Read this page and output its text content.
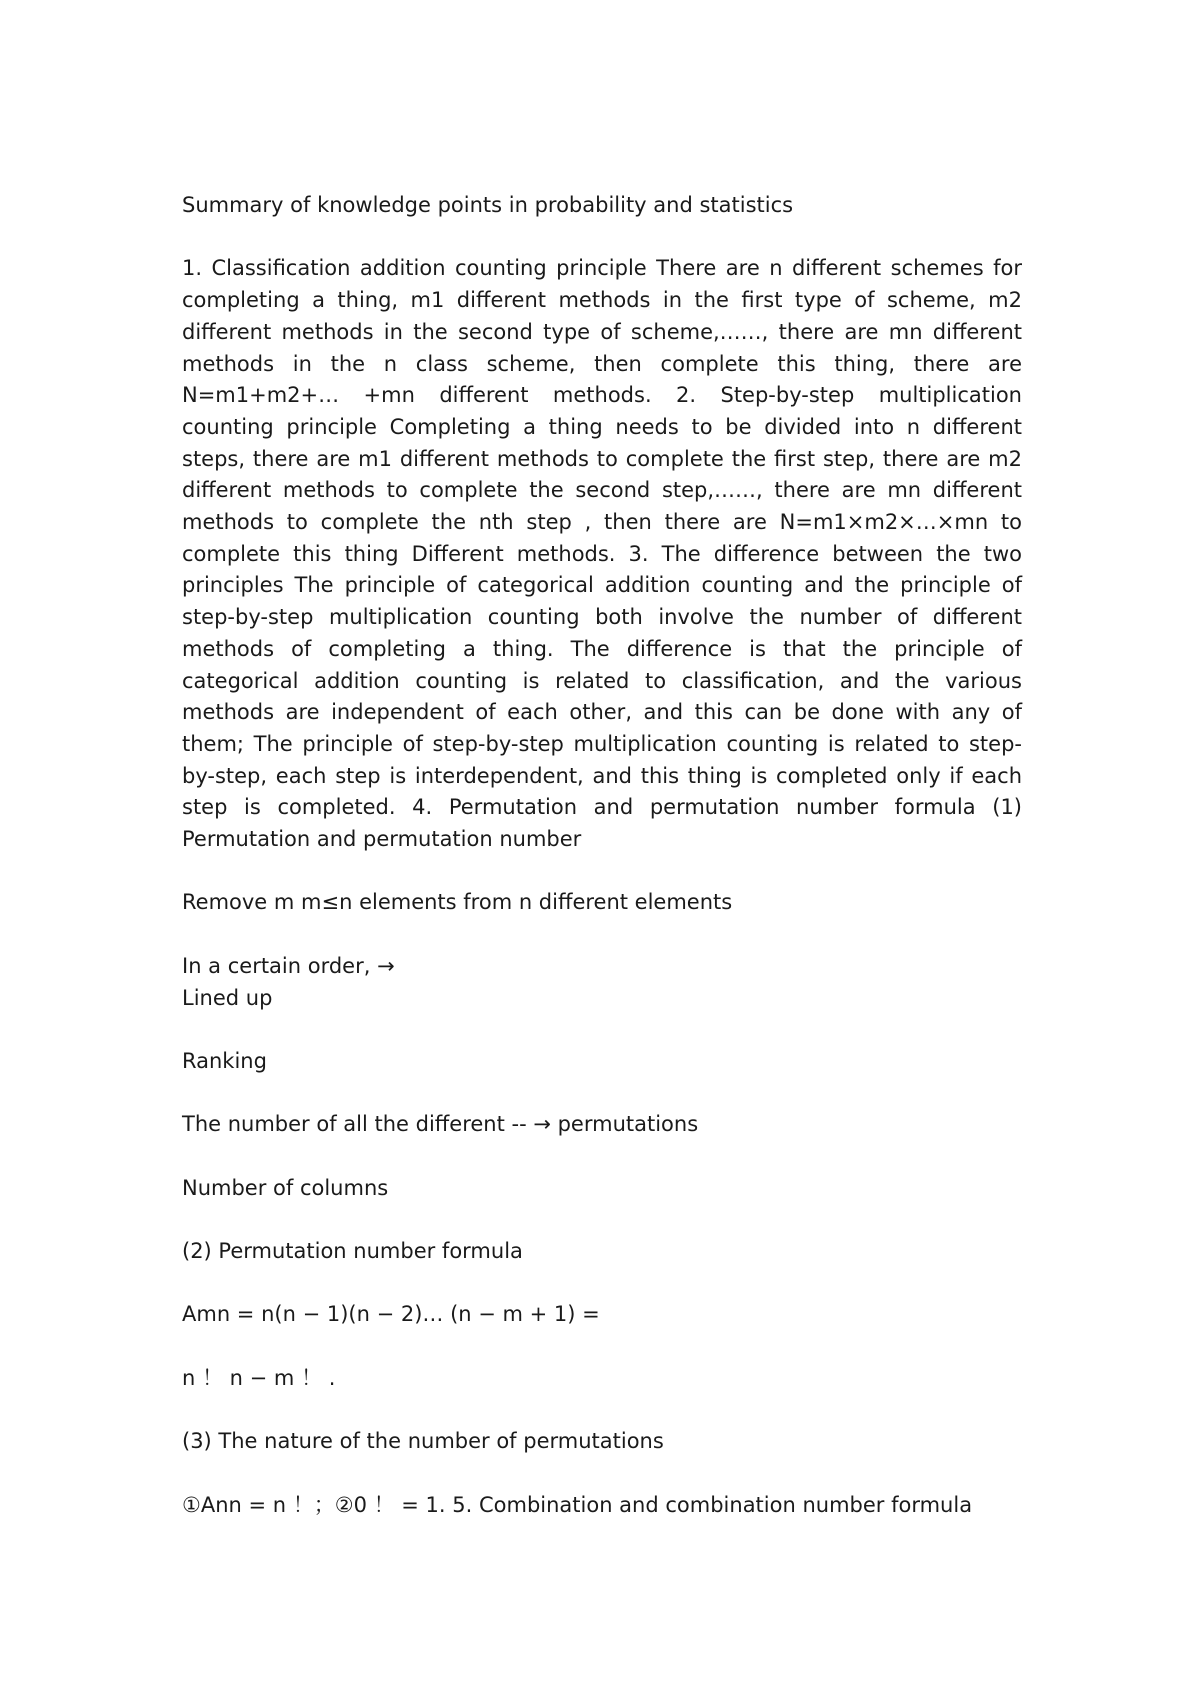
Summary of knowledge points in probability and statistics
1. Classification addition counting principle There are n different schemes for
completing a thing, m1 different methods in the first type of scheme, m2
different methods in the second type of scheme,……, there are mn different
methods in the n class scheme, then complete this thing, there are
N=m1+m2+… +mn different methods. 2. Step-by-step multiplication
counting principle Completing a thing needs to be divided into n different
steps, there are m1 different methods to complete the first step, there are m2
different methods to complete the second step,……, there are mn different
methods to complete the nth step , then there are N=m1×m2×…×mn to
complete this thing Different methods. 3. The difference between the two
principles The principle of categorical addition counting and the principle of
step-by-step multiplication counting both involve the number of different
methods of completing a thing. The difference is that the principle of
categorical addition counting is related to classification, and the various
methods are independent of each other, and this can be done with any of
them; The principle of step-by-step multiplication counting is related to step-
by-step, each step is interdependent, and this thing is completed only if each
step is completed. 4. Permutation and permutation number formula (1)
Permutation and permutation number
Remove m m≤n elements from n different elements
In a certain order, →
Lined up
Ranking
The number of all the different -- → permutations
Number of columns
(2) Permutation number formula
Amn = n(n − 1)(n − 2)… (n − m + 1) =
n ！ n − m ！ .
(3) The nature of the number of permutations
①Ann = n ！；②0 ！ = 1. 5. Combination and combination number formula
